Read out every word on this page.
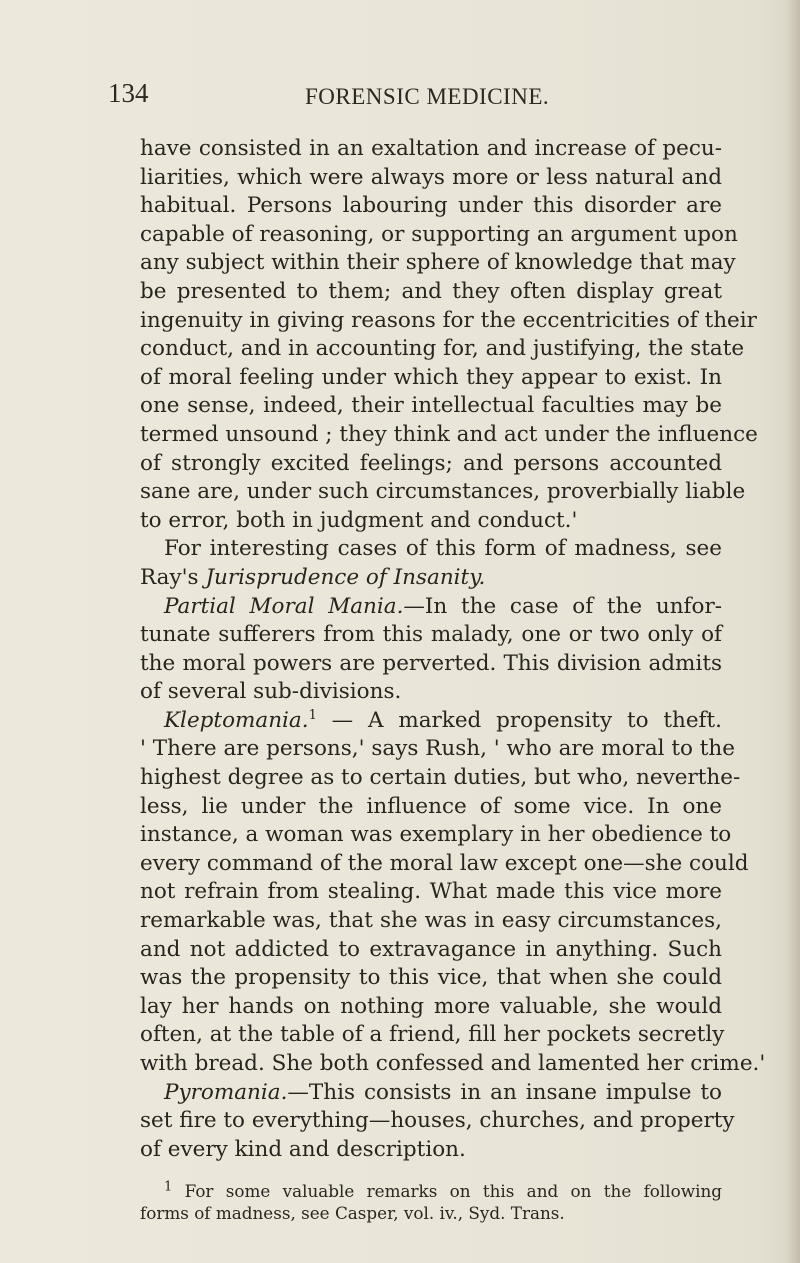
134	FORENSIC MEDICINE.
have consisted in an exaltation and increase of pecu-
liarities, which were always more or less natural and
habitual. Persons labouring under this disorder are
capable of reasoning, or supporting an argument upon
any subject within their sphere of knowledge that may
be presented to them; and they often display great
ingenuity in giving reasons for the eccentricities of their
conduct, and in accounting for, and justifying, the state
of moral feeling under which they appear to exist. In
one sense, indeed, their intellectual faculties may be
termed unsound ; they think and act under the influence
of strongly excited feelings; and persons accounted
sane are, under such circumstances, proverbially liable
to error, both in judgment and conduct.'
For interesting cases of this form of madness, see
Ray's Jurisprudence of Insanity.
Partial Moral Mania.—In the case of the unfor-
tunate sufferers from this malady, one or two only of
the moral powers are perverted. This division admits
of several sub-divisions.
Kleptomania.$^1$ — A marked propensity to theft.
' There are persons,' says Rush, ' who are moral to the
highest degree as to certain duties, but who, neverthe-
less, lie under the influence of some vice. In one
instance, a woman was exemplary in her obedience to
every command of the moral law except one—she could
not refrain from stealing. What made this vice more
remarkable was, that she was in easy circumstances,
and not addicted to extravagance in anything. Such
was the propensity to this vice, that when she could
lay her hands on nothing more valuable, she would
often, at the table of a friend, fill her pockets secretly
with bread. She both confessed and lamented her crime.'
Pyromania.—This consists in an insane impulse to
set fire to everything—houses, churches, and property
of every kind and description.
$^1$ For some valuable remarks on this and on the following
forms of madness, see Casper, vol. iv., Syd. Trans.
